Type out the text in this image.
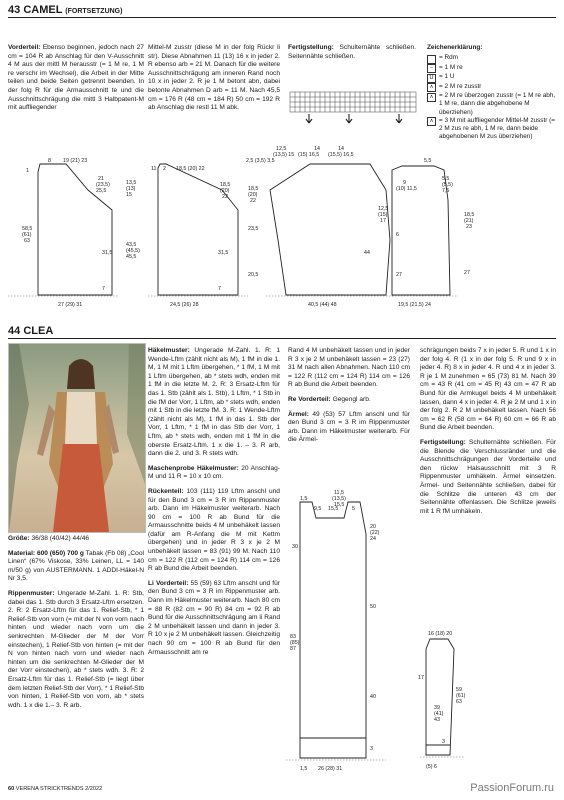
43 CAMEL (FORTSETZUNG)
Vorderteil: Ebenso beginnen, jedoch nach 27 cm = 104 R ab Anschlag für den V-Ausschnitt 4 M aus der mittl M herausstr (= 1 M re, 1 M re verschr im Wechsel), die Arbeit in der Mitte teilen und beide Seiten getrennt beenden. In der folg R für die Armausschnitt te und die Ausschnittschrägung die mittl 3 Halbpatent-M mit auffliegender
Mittel-M zusstr (diese M in der folg Rückr li str). Diese Abnahmen 11 (13) 16 x in jeder 2. R ebenso arb = 21 M. Danach für die weitere Ausschnittschrägung am inneren Rand noch 10 x in jeder 2. R je 1 M betont abn, dabei betonte Abnahmen D arb = 11 M. Nach 45,5 cm = 176 R (48 cm = 184 R) 50 cm = 192 R ab Anschlag die restl 11 M abk.
Fertigstellung: Schulternähte schließen. Seitennähte schließen.
Zeichenerklärung:
= Rdm
– = 1 M re
U = 1 U
∧ = 2 M re zusstr
∧ = 2 M re überzogen zusstr (= 1 M re abh, 1 M re, dann die abgehobene M überziehen)
∧ = 3 M mit auffliegender Mittel-M zusstr (= 2 M zus re abh, 1 M re, dann beide abgehobenen M zus überziehen)
8 19 (21) 23
1
58,5
(61)
63
21
(23,5)
25,5
13,5
(13)
15
43,5
(45,5)
45,5
31,5
7
27 (29) 31
11 2 18,5 (20) 22
18,5
(20)
22
31,5
7
24,5 (26) 28
2,5 (3,5) 3,5
12,5
(13,5) 15
14
(15) 16,5
14
(15,5) 16,5
18,5
(20)
22
23,5
20,5
44
40,5 (44) 48
5,5
(5,5)
7,5
9
(10) 11,5
5,5
12,5
(15)
17
18,5
(21)
23
6
27	27
19,5 (21,5) 24
44 CLEA
Größe: 36/38 (40/42) 44/46
Material: 600 (650) 700 g Tabak (Fb 08) „Cool Linen“ (67% Viskose, 33% Leinen, LL = 140 m/50 g) von AUSTERMANN. 1 ADDI-Häkel-N Nr 3,5.
Rippenmuster: Ungerade M-Zahl. 1. R: Stb, dabei das 1. Stb durch 3 Ersatz-Lftm ersetzen. 2. R: 2 Ersatz-Lftm für das 1. Relief-Stb, * 1 Relief-Stb von vorn (= mit der N von vorn nach hinten und wieder nach vorn um die senkrechten M-Glieder der M der Vorr einstechen), 1 Relief-Stb von hinten (= mit der N von hinten nach vorn und wieder nach hinten um die senkrechten M-Glieder der M der Vorr einstechen), ab * stets wdh. 3. R: 2 Ersatz-Lftm für das 1. Relief-Stb (= liegt über dem letzten Relief-Stb der Vorr), * 1 Relief-Stb von hinten, 1 Relief-Stb von vorn, ab * stets wdh. 1 x die 1.– 3. R arb.
Häkelmuster: Ungerade M-Zahl. 1. R: 1 Wende-Lftm (zählt nicht als M), 1 fM in die 1. M, 1 M mit 1 Lftm übergehen, * 1 fM, 1 M mit 1 Lftm übergehen, ab * stets wdh, enden mit 1 fM in die letzte M. 2. R: 3 Ersatz-Lftm für das 1. Stb (zählt als 1. Stb), 1 Lftm, * 1 Stb in die fM der Vorr, 1 Lftm, ab * stets wdh, enden mit 1 Stb in die letzte fM. 3. R: 1 Wende-Lftm (zählt nicht als M), 1 fM in das 1. Stb der Vorr, 1 Lftm, * 1 fM in das Stb der Vorr, 1 Lftm, ab * stets wdh, enden mit 1 fM in die oberste Ersatz-Lftm. 1 x die 1. – 3. R arb, dann die 2. und 3. R stets wdh.
Maschenprobe Häkelmuster: 20 Anschlag-M und 11 R = 10 x 10 cm.
Rückenteil: 103 (111) 119 Lftm anschl und für den Bund 3 cm = 3 R im Rippenmuster arb. Dann im Häkelmuster weiterarb. Nach 90 cm = 100 R ab Bund für die Armausschnitte beids 4 M unbehäkelt lassen (dafür am R-Anfang die M mit Kettm übergehen) und in jeder R 3 x je 2 M unbehäkelt lassen = 83 (91) 99 M. Nach 110 cm = 122 R (112 cm = 124 R) 114 cm = 126 R ab Bund die Arbeit beenden.
Li Vorderteil: 55 (59) 63 Lftm anschl und für den Bund 3 cm = 3 R im Rippenmuster arb. Dann im Häkelmuster weiterarb. Nach 80 cm = 88 R (82 cm = 90 R) 84 cm = 92 R ab Bund für die Ausschnittschrägung am li Rand 2 M unbehäkelt lassen und dann in jeder 3. R 10 x je 2 M unbehäkelt lassen. Gleichzeitig nach 90 cm = 100 R ab Bund für den Armausschnitt am re
Rand 4 M unbehäkelt lassen und in jeder R 3 x je 2 M unbehäkelt lassen = 23 (27) 31 M nach allen Abnahmen. Nach 110 cm = 122 R (112 cm = 124 R) 114 cm = 126 R ab Bund die Arbeit beenden.
Re Vorderteil: Gegengl arb.
Ärmel: 49 (53) 57 Lftm anschl und für den Bund 3 cm = 3 R im Rippenmuster arb. Dann im Häkelmuster weiterarb. Für die Ärmel-
schrägungen beids 7 x in jeder 5. R und 1 x in der folg 4. R (1 x in der folg 5. R und 9 x in jeder 4. R) 8 x in jeder 4. R und 4 x in jeder 3. R je 1 M zunehmen = 65 (73) 81 M. Nach 39 cm = 43 R (41 cm = 45 R) 43 cm = 47 R ab Bund für die Armkugel beids 4 M unbehäkelt lassen, dann 4 x in jeder 4. R je 2 M und 1 x in der folg 2. R 2 M unbehäkelt lassen. Nach 56 cm = 62 R (58 cm = 64 R) 60 cm = 66 R ab Bund die Arbeit beenden.
Fertigstellung: Schulternähte schließen. Für die Blende die Verschlussränder und die Ausschnittschrägungen der Vorderteile und den rückw Halsausschnitt mit 3 R Rippenmuster umhäkeln. Ärmel einsetzen. Ärmel- und Seitennähte schließen, dabei für die Schlitze die unteren 43 cm der Seitennähte offenlassen. Die Schlitze jeweils mit 1 R fM umhäkeln.
11,5
(13,5)
15,5
1,5
9,5 15,5	5
20
(22)
24
30
50
40
83
(85)
87
3
26 (28) 31
1,5
16 (18) 20
39
(41)
43
17
59
(61)
63
3
(5) 6
60 VERENA STRICKTRENDS 2/2022	PassionForum.ru
